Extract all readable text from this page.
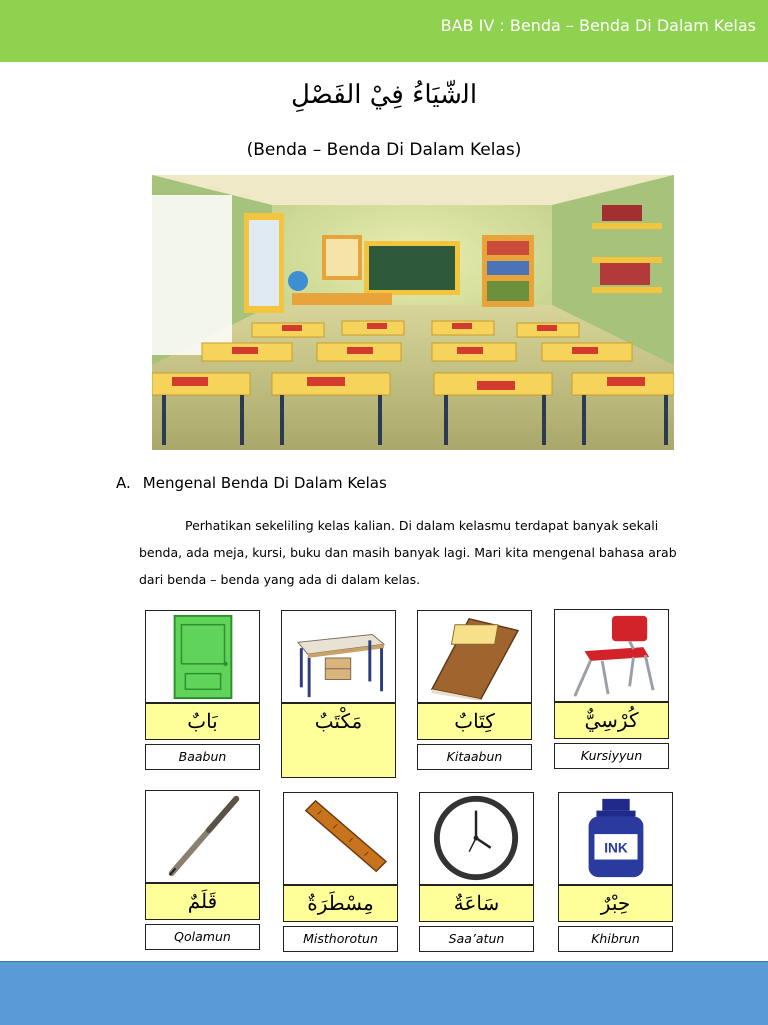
BAB IV : Benda – Benda Di Dalam Kelas
اﻟشّيَاءُ فِيْ الفَصْلِ
(Benda – Benda Di Dalam Kelas)
A. Mengenal Benda Di Dalam Kelas
Perhatikan sekeliling kelas kalian. Di dalam kelasmu terdapat banyak sekali benda, ada meja, kursi, buku dan masih banyak lagi. Mari kita mengenal bahasa arab dari benda – benda yang ada di dalam kelas.
بَابٌ
Baabun
مَكْتَبٌ	كِتَابٌ
Kitaabun
كُرْسِيٌّ
Kursiyyun
قَلَمٌ
Qolamun
مِسْطَرَةٌ
Misthorotun
سَاعَةٌ
Saa’atun
INK
حِبْرٌ
Khibrun
